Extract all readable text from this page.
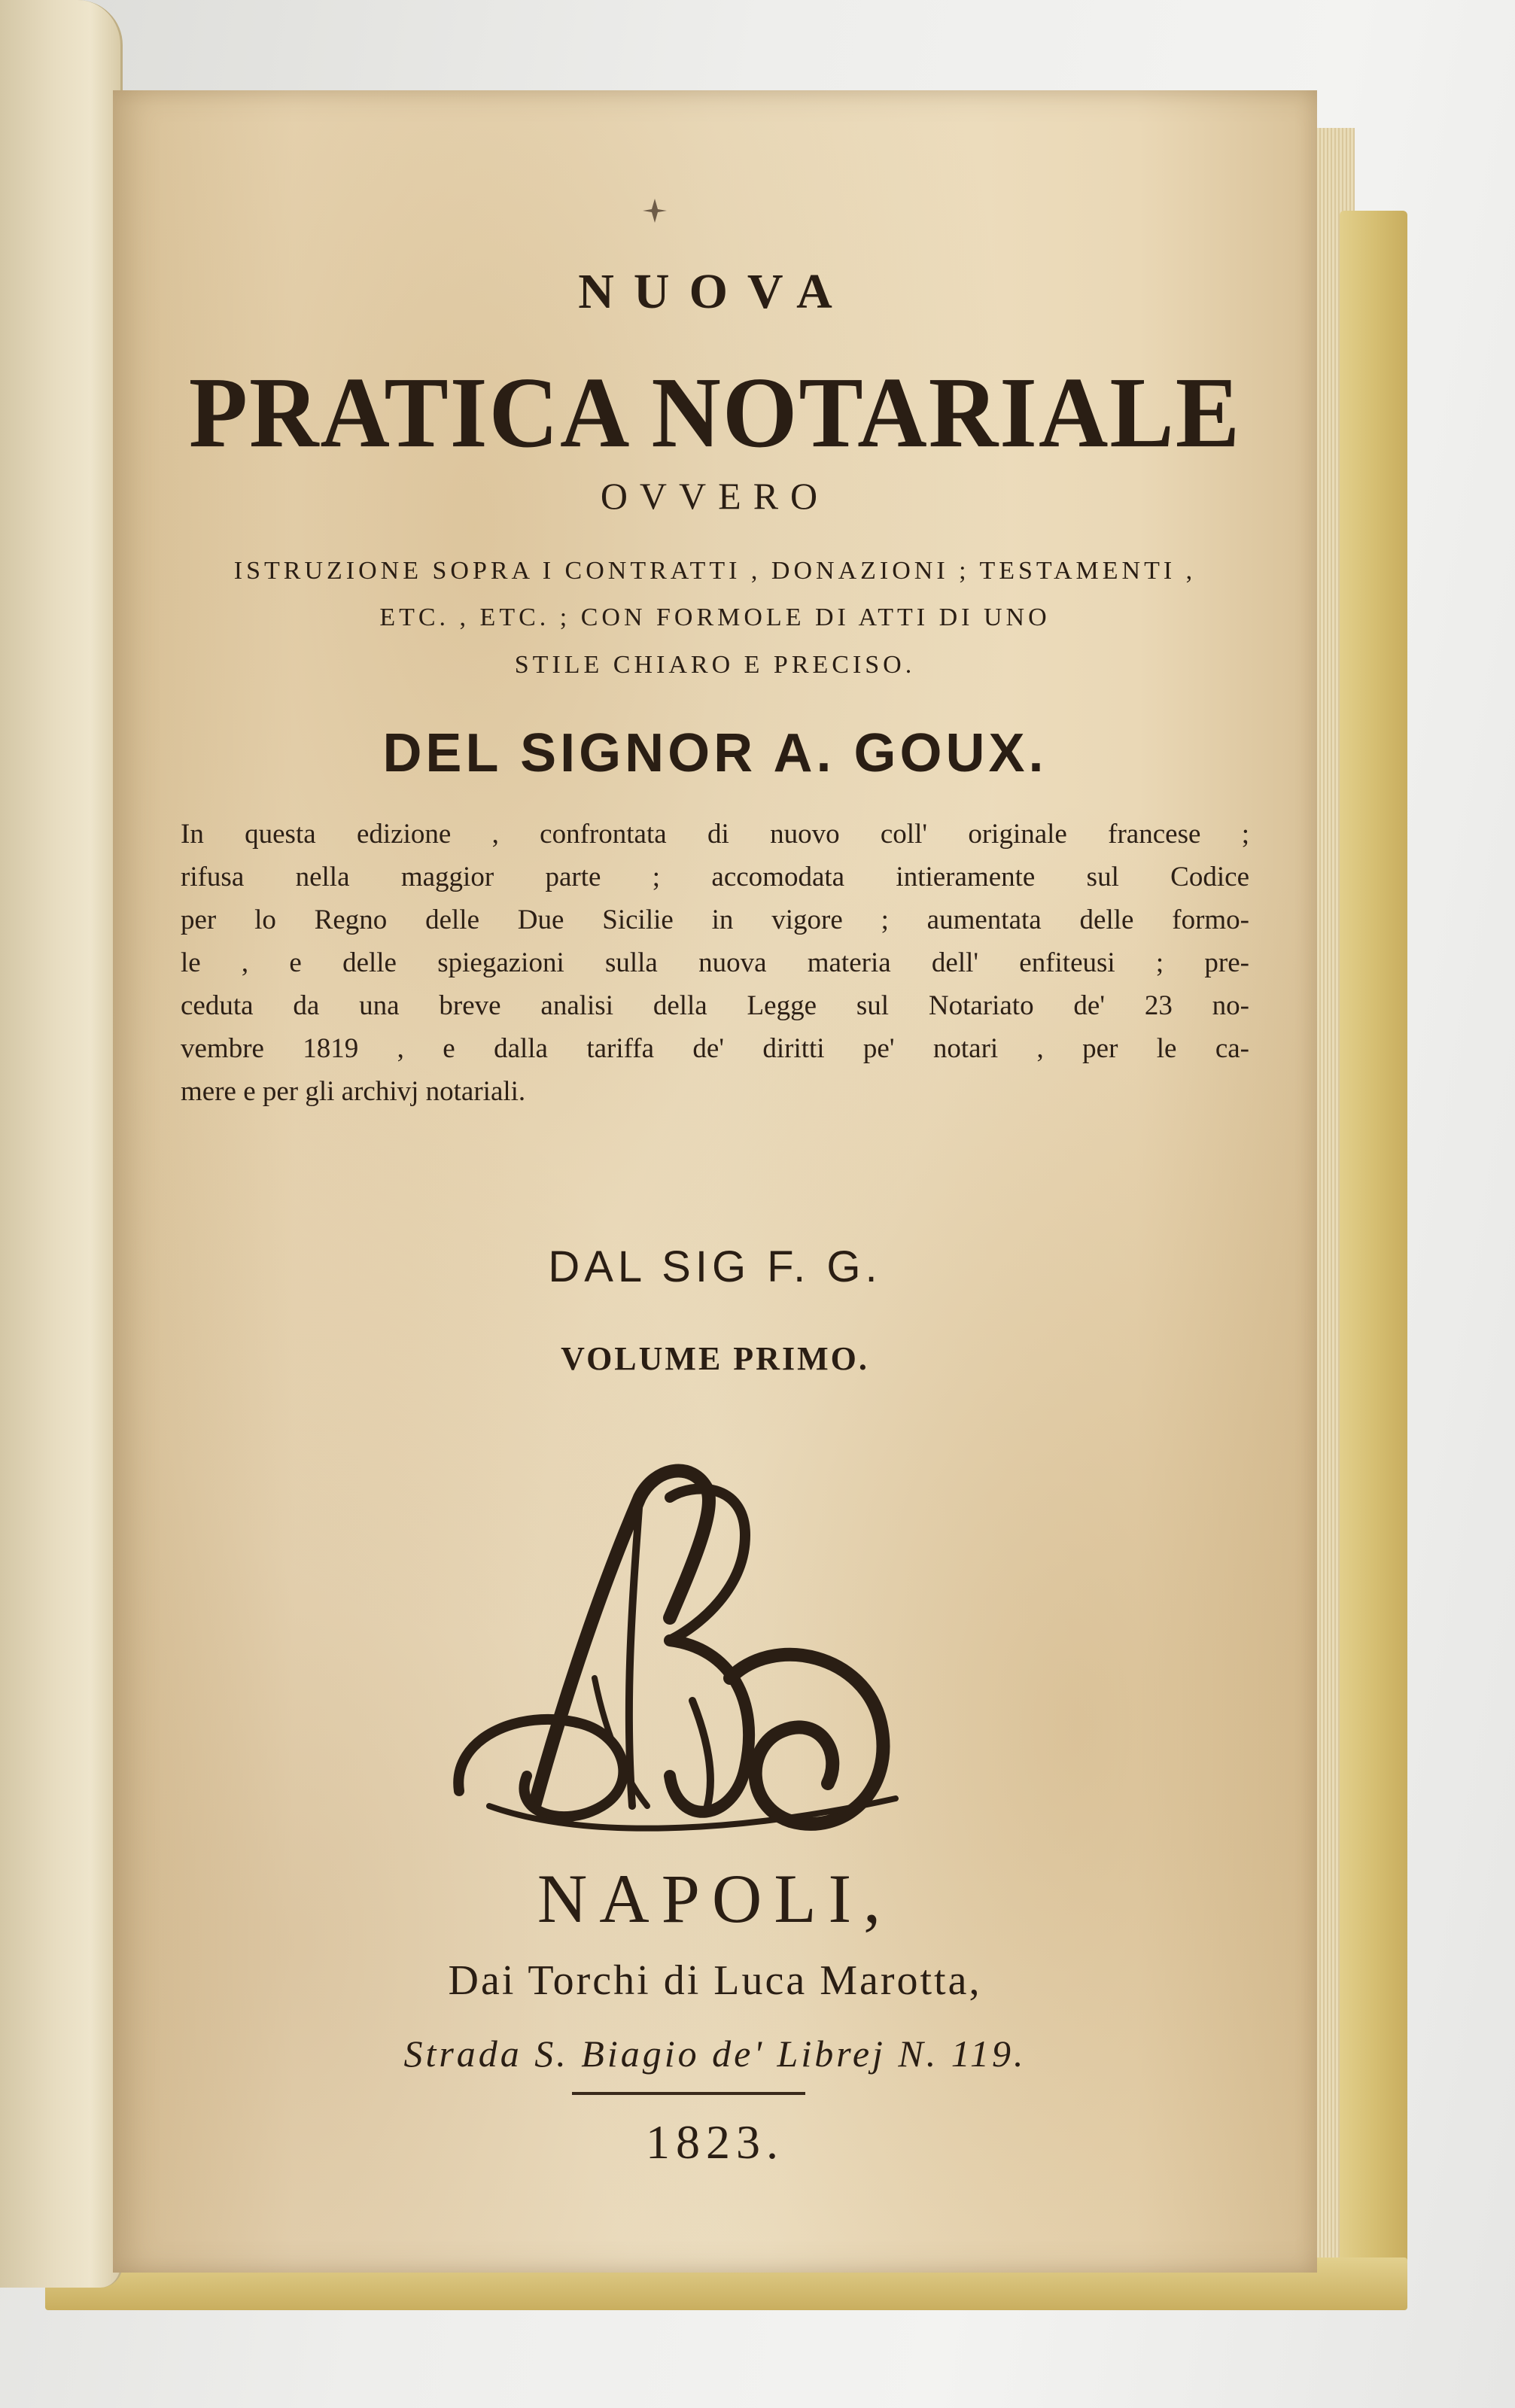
NUOVA
PRATICA NOTARIALE
OVVERO
ISTRUZIONE SOPRA I CONTRATTI , DONAZIONI ; TESTAMENTI ,
ETC. , ETC. ; CON FORMOLE DI ATTI DI UNO
STILE CHIARO E PRECISO.
DEL SIGNOR A. GOUX.
In questa edizione , confrontata di nuovo coll' originale francese ;
rifusa nella maggior parte ; accomodata intieramente sul Codice
per lo Regno delle Due Sicilie in vigore ; aumentata delle formo-
le , e delle spiegazioni sulla nuova materia dell' enfiteusi ; pre-
ceduta da una breve analisi della Legge sul Notariato de' 23 no-
vembre 1819 , e dalla tariffa de' diritti pe' notari , per le ca-
mere e per gli archivj notariali.
DAL SIG F. G.
VOLUME PRIMO.
NAPOLI,
Dai Torchi di Luca Marotta,
Strada S. Biagio de' Librej N. 119.
1823.
